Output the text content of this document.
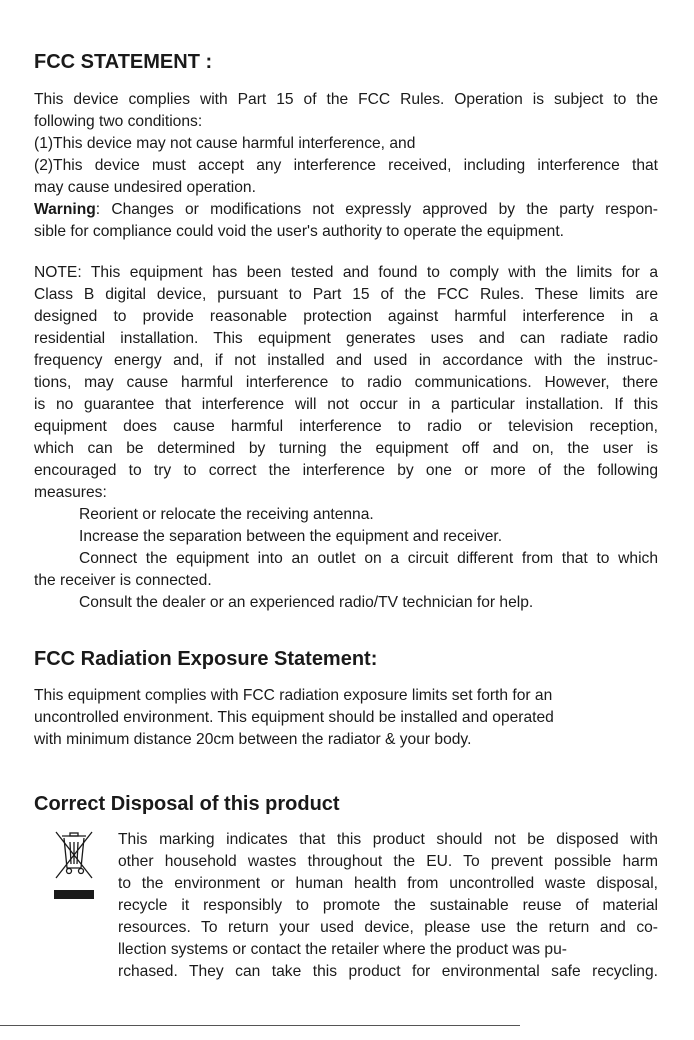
FCC STATEMENT :
This device complies with Part 15 of the FCC Rules. Operation is subject to the
following two conditions:
(1)This device may not cause harmful interference, and
(2)This device must accept any interference received, including interference that
may cause undesired operation.
Warning: Changes or modifications not expressly approved by the party respon-
sible for compliance could void the user's authority to operate the equipment.
NOTE: This equipment has been tested and found to comply with the limits for a
Class B digital device, pursuant to Part 15 of the FCC Rules. These limits are
designed to provide reasonable protection against harmful interference in a
residential installation. This equipment generates uses and can radiate radio
frequency energy and, if not installed and used in accordance with the instruc-
tions, may cause harmful interference to radio communications. However, there
is no guarantee that interference will not occur in a particular installation. If this
equipment does cause harmful interference to radio or television reception,
which can be determined by turning the equipment off and on, the user is
encouraged to try to correct the interference by one or more of the following
measures:
Reorient or relocate the receiving antenna.
Increase the separation between the equipment and receiver.
Connect the equipment into an outlet on a circuit different from that to which
the receiver is connected.
Consult the dealer or an experienced radio/TV technician for help.
FCC Radiation Exposure Statement:
This equipment complies with FCC radiation exposure limits set forth for an
uncontrolled environment. This equipment should be installed and operated
with minimum distance 20cm between the radiator & your body.
Correct Disposal of this product
This marking indicates that this product should not be disposed with
other household wastes throughout the EU. To prevent possible harm
to the environment or human health from uncontrolled waste disposal,
recycle it responsibly to promote the sustainable reuse of material
resources. To return your used device, please use the return and co-
llection systems or contact the retailer where the product was pu-
rchased. They can take this product for environmental safe recycling.
